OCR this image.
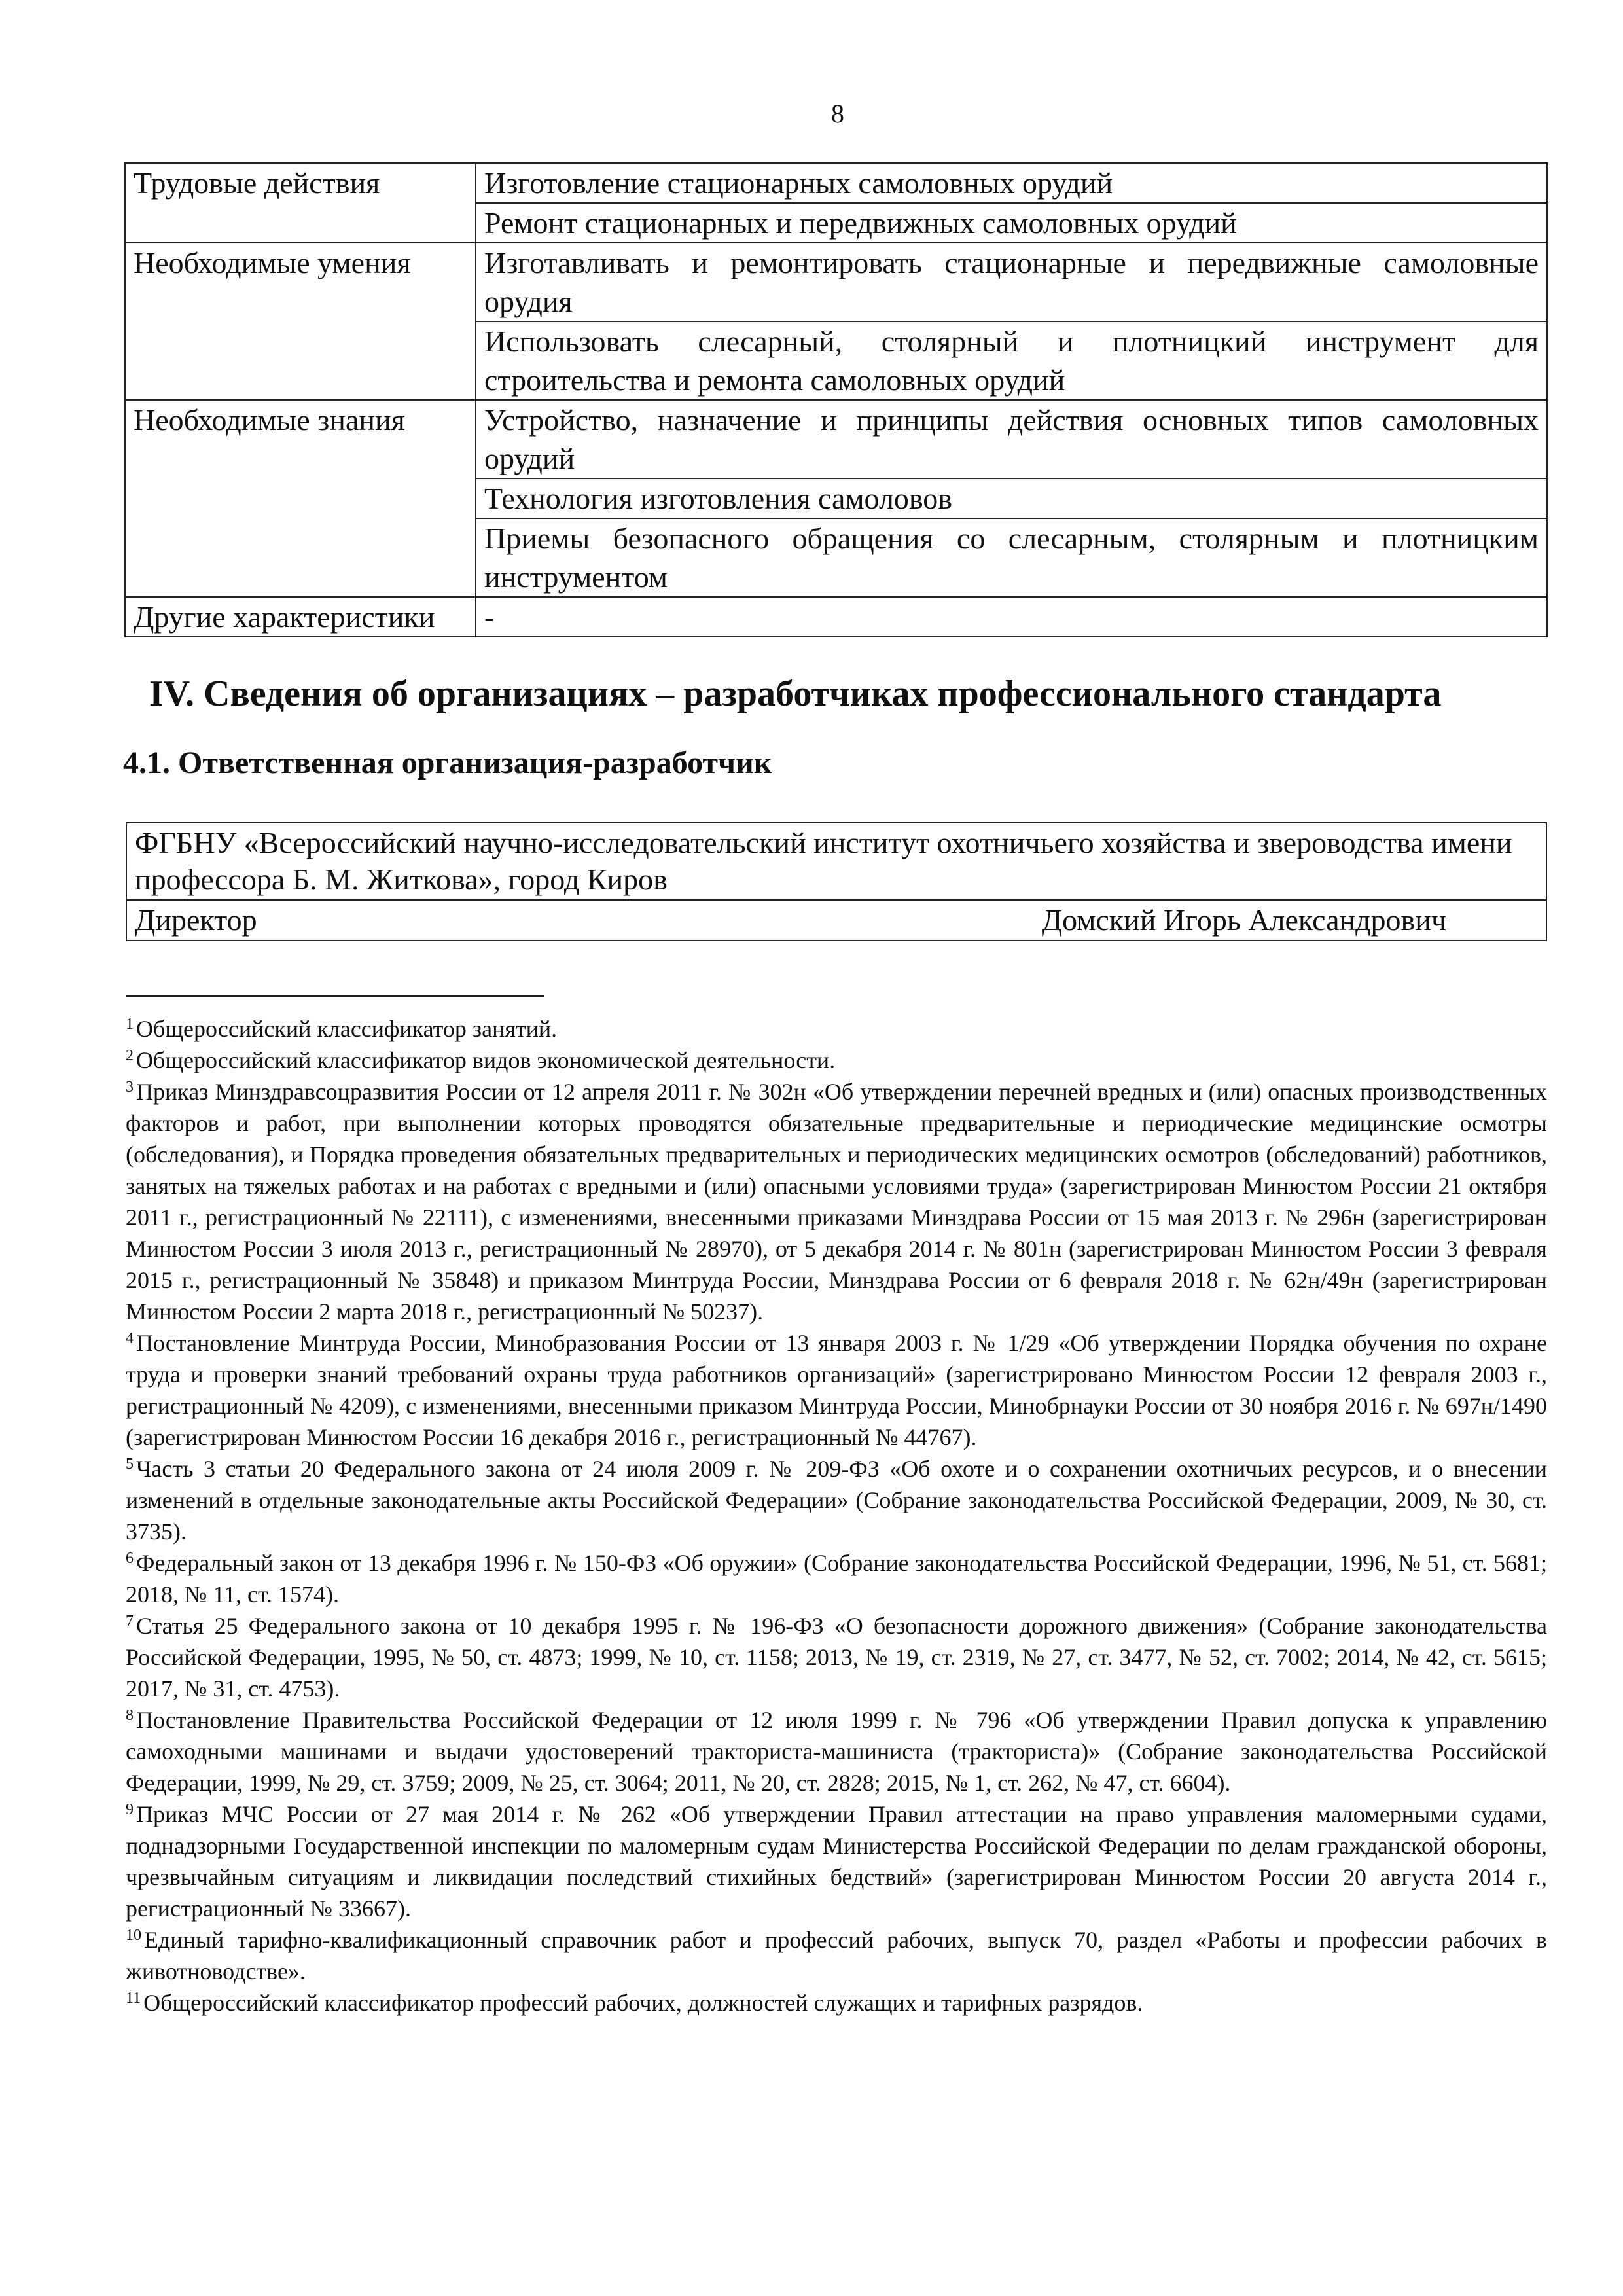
8
Трудовые действия	Изготовление стационарных самоловных орудий
	Ремонт стационарных и передвижных самоловных орудий
Необходимые умения	Изготавливать и ремонтировать стационарные и передвижные самоловные орудия
	Использовать слесарный, столярный и плотницкий инструмент для строительства и ремонта самоловных орудий
Необходимые знания	Устройство, назначение и принципы действия основных типов самоловных орудий
	Технология изготовления самоловов
	Приемы безопасного обращения со слесарным, столярным и плотницким инструментом
Другие характеристики	-
IV. Сведения об организациях – разработчиках профессионального стандарта
4.1. Ответственная организация-разработчик
ФГБНУ «Всероссийский научно-исследовательский институт охотничьего хозяйства и звероводства имени профессора Б. М. Житкова», город Киров

Директор	Домский Игорь Александрович
$^1$ Общероссийский классификатор занятий.
$^2$ Общероссийский классификатор видов экономической деятельности.
$^3$ Приказ Минздравсоцразвития России от 12 апреля 2011 г. № 302н «Об утверждении перечней вредных и (или) опасных производственных факторов и работ, при выполнении которых проводятся обязательные предварительные и периодические медицинские осмотры (обследования), и Порядка проведения обязательных предварительных и периодических медицинских осмотров (обследований) работников, занятых на тяжелых работах и на работах с вредными и (или) опасными условиями труда» (зарегистрирован Минюстом России 21 октября 2011 г., регистрационный № 22111), с изменениями, внесенными приказами Минздрава России от 15 мая 2013 г. № 296н (зарегистрирован Минюстом России 3 июля 2013 г., регистрационный № 28970), от 5 декабря 2014 г. № 801н (зарегистрирован Минюстом России 3 февраля 2015 г., регистрационный № 35848) и приказом Минтруда России, Минздрава России от 6 февраля 2018 г. № 62н/49н (зарегистрирован Минюстом России 2 марта 2018 г., регистрационный № 50237).
$^4$ Постановление Минтруда России, Минобразования России от 13 января 2003 г. № 1/29 «Об утверждении Порядка обучения по охране труда и проверки знаний требований охраны труда работников организаций» (зарегистрировано Минюстом России 12 февраля 2003 г., регистрационный № 4209), с изменениями, внесенными приказом Минтруда России, Минобрнауки России от 30 ноября 2016 г. № 697н/1490 (зарегистрирован Минюстом России 16 декабря 2016 г., регистрационный № 44767).
$^5$ Часть 3 статьи 20 Федерального закона от 24 июля 2009 г. № 209-ФЗ «Об охоте и о сохранении охотничьих ресурсов, и о внесении изменений в отдельные законодательные акты Российской Федерации» (Собрание законодательства Российской Федерации, 2009, № 30, ст. 3735).
$^6$ Федеральный закон от 13 декабря 1996 г. № 150-ФЗ «Об оружии» (Собрание законодательства Российской Федерации, 1996, № 51, ст. 5681; 2018, № 11, ст. 1574).
$^7$ Статья 25 Федерального закона от 10 декабря 1995 г. № 196-ФЗ «О безопасности дорожного движения» (Собрание законодательства Российской Федерации, 1995, № 50, ст. 4873; 1999, № 10, ст. 1158; 2013, № 19, ст. 2319, № 27, ст. 3477, № 52, ст. 7002; 2014, № 42, ст. 5615; 2017, № 31, ст. 4753).
$^8$ Постановление Правительства Российской Федерации от 12 июля 1999 г. № 796 «Об утверждении Правил допуска к управлению самоходными машинами и выдачи удостоверений тракториста-машиниста (тракториста)» (Собрание законодательства Российской Федерации, 1999, № 29, ст. 3759; 2009, № 25, ст. 3064; 2011, № 20, ст. 2828; 2015, № 1, ст. 262, № 47, ст. 6604).
$^9$ Приказ МЧС России от 27 мая 2014 г. № 262 «Об утверждении Правил аттестации на право управления маломерными судами, поднадзорными Государственной инспекции по маломерным судам Министерства Российской Федерации по делам гражданской обороны, чрезвычайным ситуациям и ликвидации последствий стихийных бедствий» (зарегистрирован Минюстом России 20 августа 2014 г., регистрационный № 33667).
$^{10}$ Единый тарифно-квалификационный справочник работ и профессий рабочих, выпуск 70, раздел «Работы и профессии рабочих в животноводстве».
$^{11}$ Общероссийский классификатор профессий рабочих, должностей служащих и тарифных разрядов.
